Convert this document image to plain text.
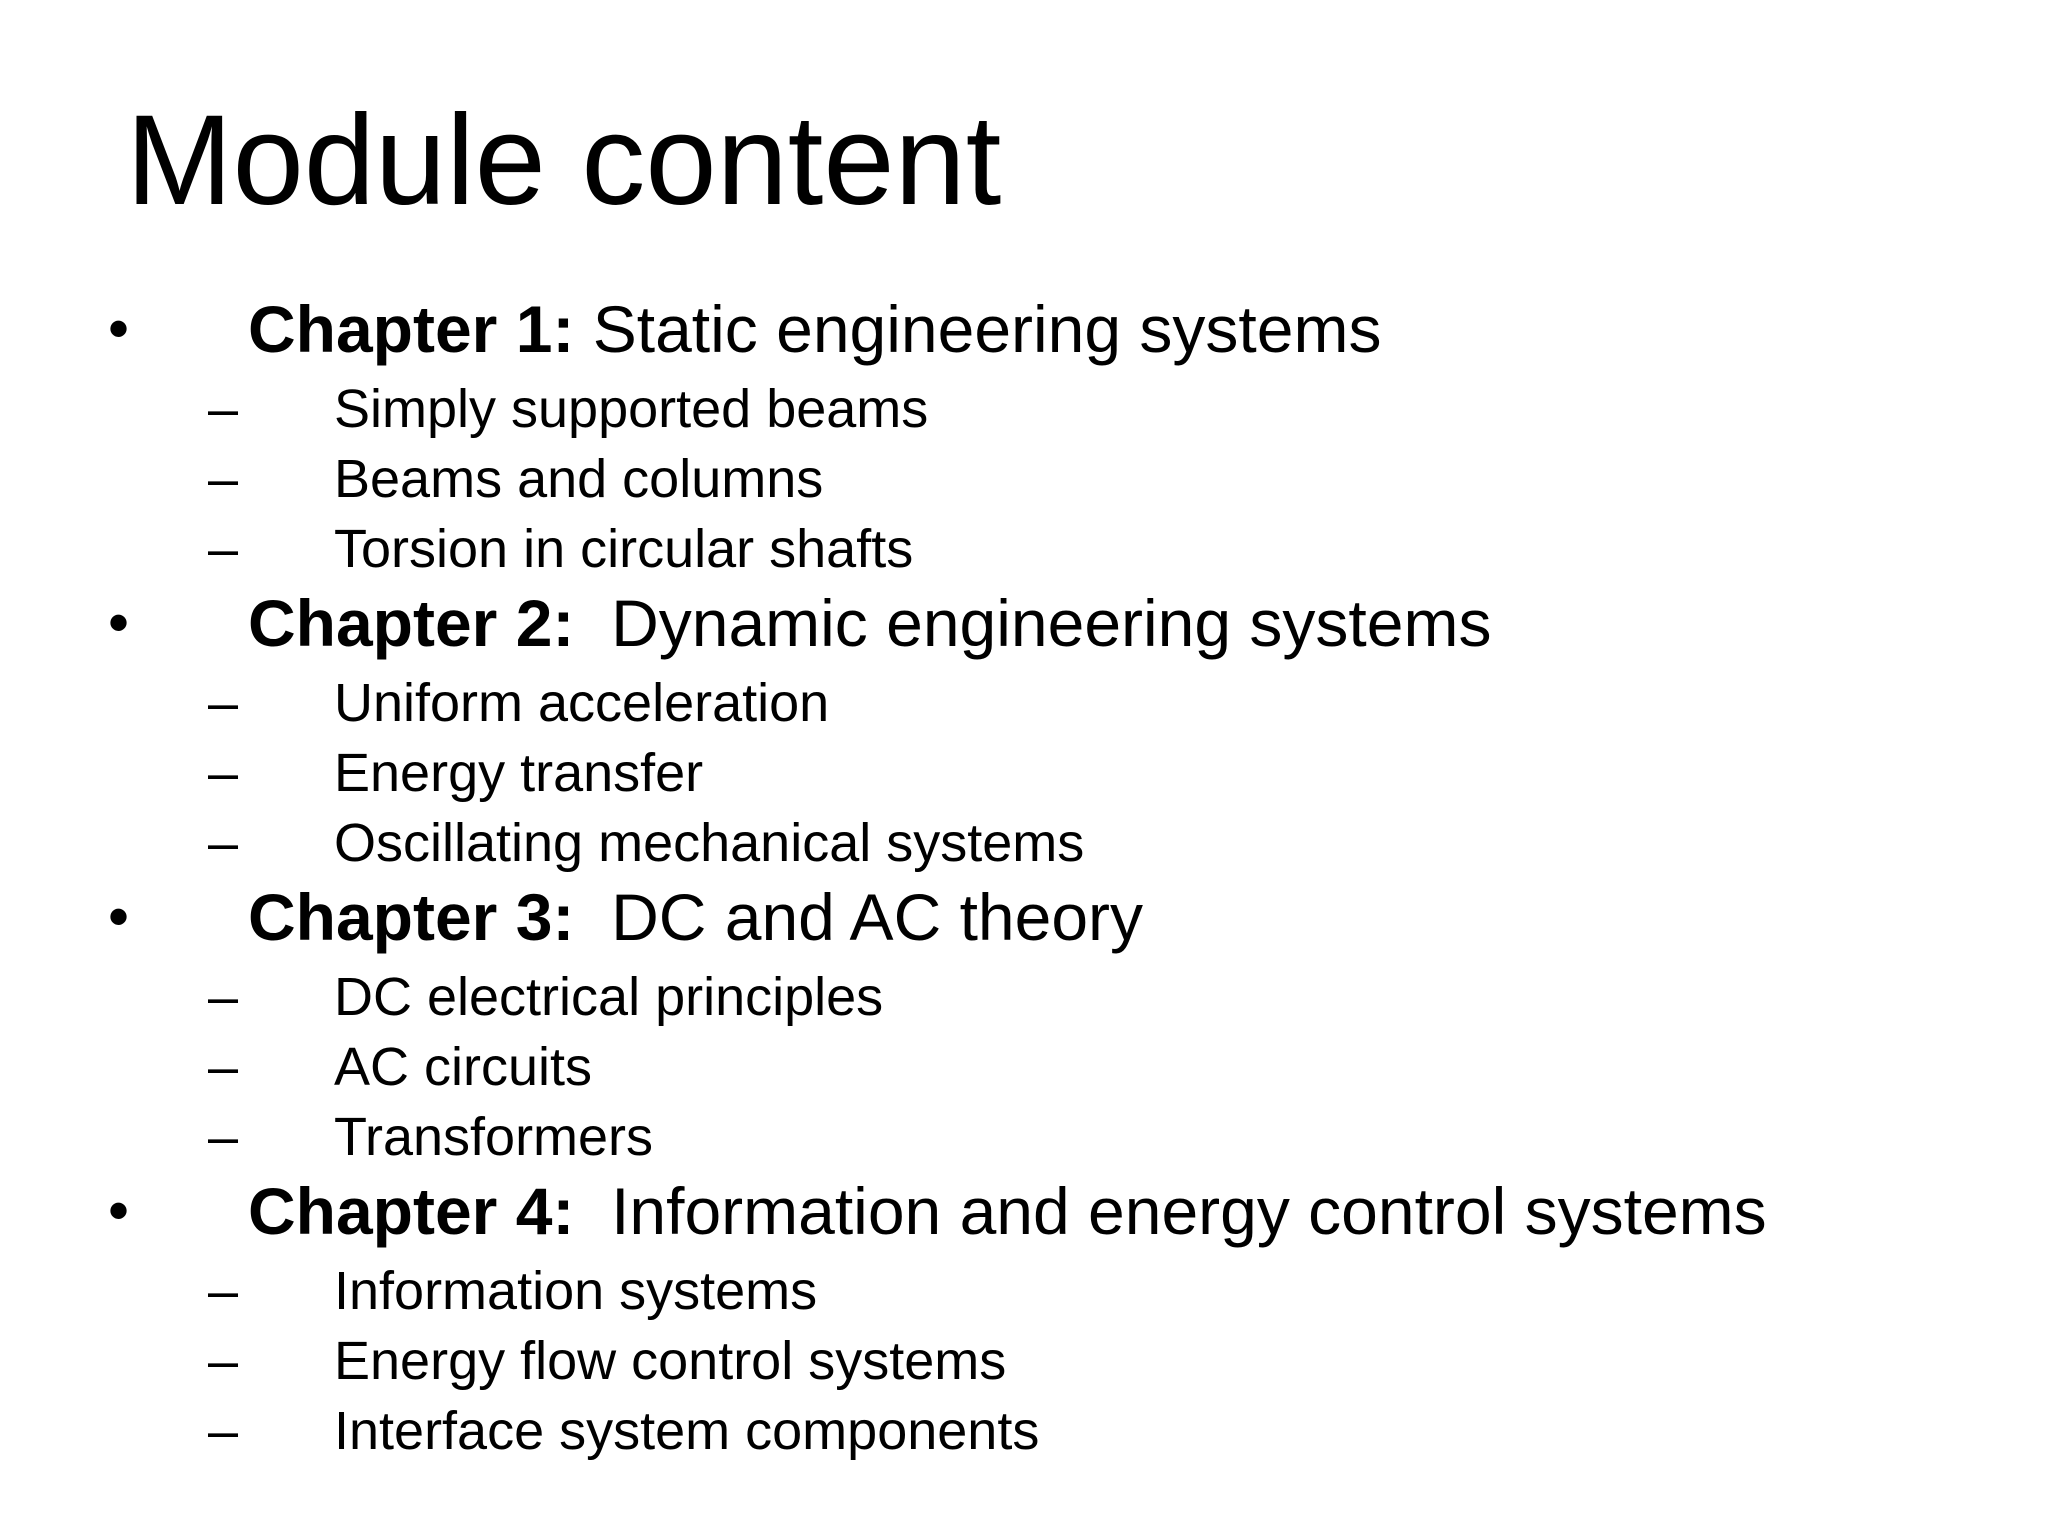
Module content
• Chapter 1: Static engineering systems
– Simply supported beams
– Beams and columns
– Torsion in circular shafts
• Chapter 2: Dynamic engineering systems
– Uniform acceleration
– Energy transfer
– Oscillating mechanical systems
• Chapter 3: DC and AC theory
– DC electrical principles
– AC circuits
– Transformers
• Chapter 4: Information and energy control systems
– Information systems
– Energy flow control systems
– Interface system components
